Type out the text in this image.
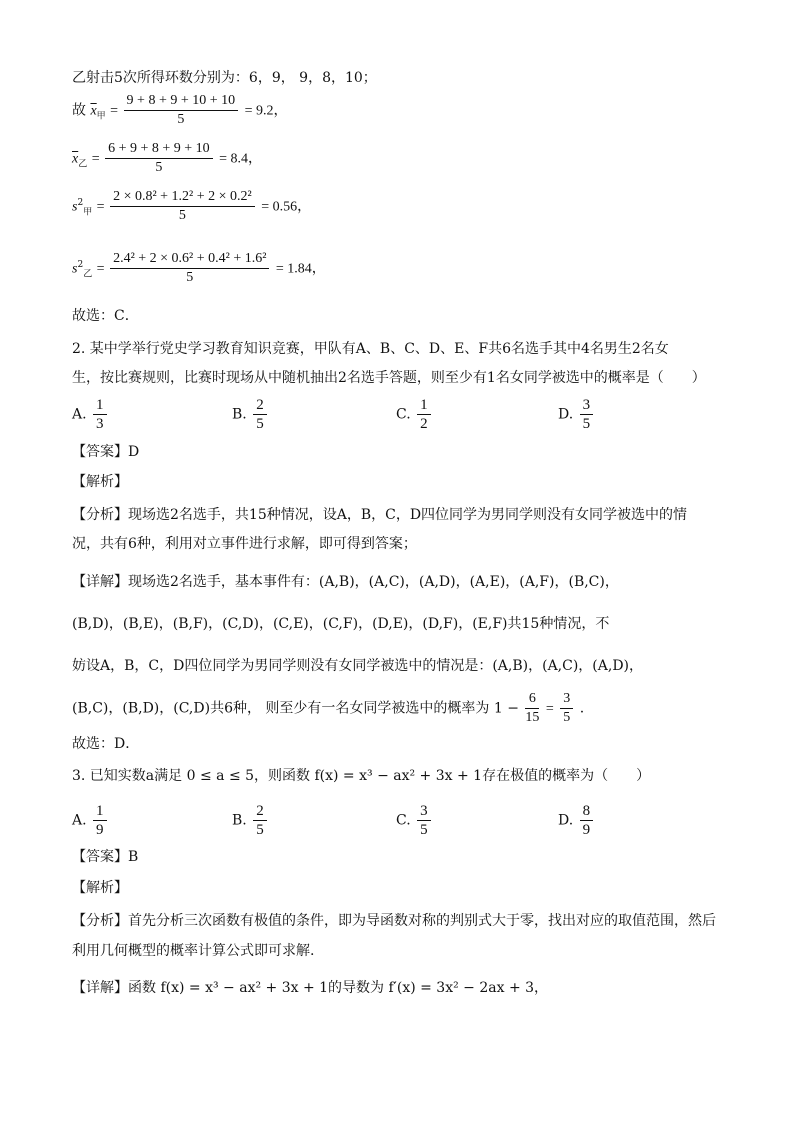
乙射击5次所得环数分别为：6，9， 9，8，10；
故 $\overline{x}_甲 = \frac{9 + 8 + 9 + 10 + 10}{5} = 9.2$，
$\overline{x}_乙 = \frac{6 + 9 + 8 + 9 + 10}{5} = 8.4$，
$s^2_甲 = \frac{\text{2 × 0.8² + 1.2² + 2 × 0.2²}}{5} = 0.56$，
$s^2_乙 = \frac{\text{2.4² + 2 × 0.6² + 0.4² + 1.6²}}{5} = 1.84$，
故选：C．
2. 某中学举行党史学习教育知识竞赛，甲队有A、B、C、D、E、F共6名选手其中4名男生2名女
生，按比赛规则，比赛时现场从中随机抽出2名选手答题，则至少有1名女同学被选中的概率是（　　）
A. $\frac{1}{3}$	B. $\frac{2}{5}$	C. $\frac{1}{2}$	D. $\frac{3}{5}$
【答案】D
【解析】
【分析】现场选2名选手，共15种情况，设A，B，C，D四位同学为男同学则没有女同学被选中的情
况，共有6种，利用对立事件进行求解，即可得到答案；
【详解】现场选2名选手，基本事件有：(A,B)，(A,C)，(A,D)，(A,E)，(A,F)，(B,C)，
(B,D)，(B,E)，(B,F)，(C,D)，(C,E)，(C,F)，(D,E)，(D,F)，(E,F)共15种情况，不
妨设A，B，C，D四位同学为男同学则没有女同学被选中的情况是：(A,B)，(A,C)，(A,D)，
(B,C)，(B,D)，(C,D)共6种， 则至少有一名女同学被选中的概率为 $1 - \frac{6}{15} = \frac{3}{5}$ .
故选：D．
3. 已知实数a满足 0 ≤ a ≤ 5，则函数 f(x) = x³ − ax² + 3x + 1存在极值的概率为（　　）
A. $\frac{1}{9}$	B. $\frac{2}{5}$	C. $\frac{3}{5}$	D. $\frac{8}{9}$
【答案】B
【解析】
【分析】首先分析三次函数有极值的条件，即为导函数对称的判别式大于零，找出对应的取值范围，然后
利用几何概型的概率计算公式即可求解.
【详解】函数 f(x) = x³ − ax² + 3x + 1的导数为 f′(x) = 3x² − 2ax + 3，
